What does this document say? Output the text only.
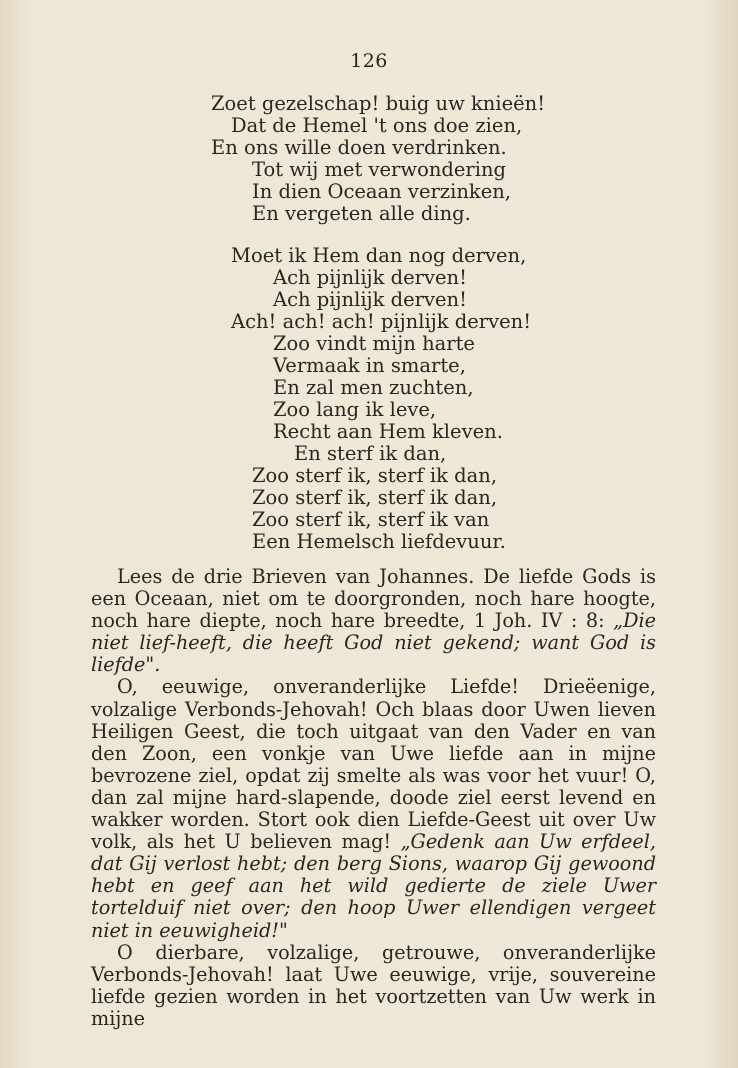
126
Zoet gezelschap! buig uw knieën!
Dat de Hemel 't ons doe zien,
En ons wille doen verdrinken.
Tot wij met verwondering
In dien Oceaan verzinken,
En vergeten alle ding.
Moet ik Hem dan nog derven,
Ach pijnlijk derven!
Ach pijnlijk derven!
Ach! ach! ach! pijnlijk derven!
Zoo vindt mijn harte
Vermaak in smarte,
En zal men zuchten,
Zoo lang ik leve,
Recht aan Hem kleven.
En sterf ik dan,
Zoo sterf ik, sterf ik dan,
Zoo sterf ik, sterf ik dan,
Zoo sterf ik, sterf ik van
Een Hemelsch liefdevuur.

Lees de drie Brieven van Johannes. De liefde Gods is een Oceaan, niet om te doorgronden, noch hare hoogte, noch hare diepte, noch hare breedte, 1 Joh. IV : 8: „Die niet lief-heeft, die heeft God niet gekend; want God is liefde".

O, eeuwige, onveranderlijke Liefde! Drieëenige, volzalige Verbonds-Jehovah! Och blaas door Uwen lieven Heiligen Geest, die toch uitgaat van den Vader en van den Zoon, een vonkje van Uwe liefde aan in mijne bevrozene ziel, opdat zij smelte als was voor het vuur! O, dan zal mijne hard-slapende, doode ziel eerst levend en wakker worden. Stort ook dien Liefde-Geest uit over Uw volk, als het U believen mag! „Gedenk aan Uw erfdeel, dat Gij verlost hebt; den berg Sions, waarop Gij gewoond hebt en geef aan het wild gedierte de ziele Uwer tortelduif niet over; den hoop Uwer ellendigen vergeet niet in eeuwigheid!"

O dierbare, volzalige, getrouwe, onveranderlijke Verbonds-Jehovah! laat Uwe eeuwige, vrije, souvereine liefde gezien worden in het voortzetten van Uw werk in mijne
